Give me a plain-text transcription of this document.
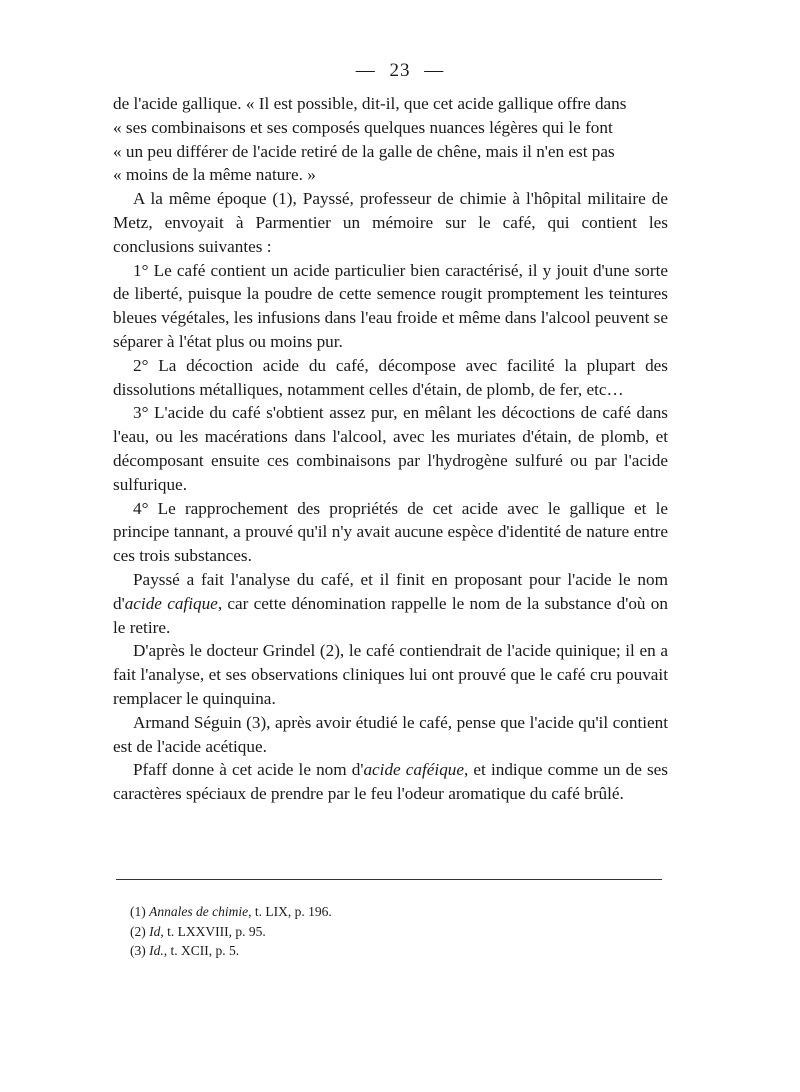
— 23 —

de l'acide gallique. « Il est possible, dit-il, que cet acide gallique offre dans

« ses combinaisons et ses composés quelques nuances légères qui le font

« un peu différer de l'acide retiré de la galle de chêne, mais il n'en est pas

« moins de la même nature. »

A la même époque (1), Payssé, professeur de chimie à l'hôpital militaire de Metz, envoyait à Parmentier un mémoire sur le café, qui contient les conclusions suivantes :

1° Le café contient un acide particulier bien caractérisé, il y jouit d'une sorte de liberté, puisque la poudre de cette semence rougit promptement les teintures bleues végétales, les infusions dans l'eau froide et même dans l'alcool peuvent se séparer à l'état plus ou moins pur.

2° La décoction acide du café, décompose avec facilité la plupart des dissolutions métalliques, notamment celles d'étain, de plomb, de fer, etc…

3° L'acide du café s'obtient assez pur, en mêlant les décoctions de café dans l'eau, ou les macérations dans l'alcool, avec les muriates d'étain, de plomb, et décomposant ensuite ces combinaisons par l'hydrogène sulfuré ou par l'acide sulfurique.

4° Le rapprochement des propriétés de cet acide avec le gallique et le principe tannant, a prouvé qu'il n'y avait aucune espèce d'identité de nature entre ces trois substances.

Payssé a fait l'analyse du café, et il finit en proposant pour l'acide le nom d'acide cafique, car cette dénomination rappelle le nom de la substance d'où on le retire.

D'après le docteur Grindel (2), le café contiendrait de l'acide quinique; il en a fait l'analyse, et ses observations cliniques lui ont prouvé que le café cru pouvait remplacer le quinquina.

Armand Séguin (3), après avoir étudié le café, pense que l'acide qu'il contient est de l'acide acétique.

Pfaff donne à cet acide le nom d'acide caféique, et indique comme un de ses caractères spéciaux de prendre par le feu l'odeur aromatique du café brûlé.

(1) Annales de chimie, t. LIX, p. 196.
(2) Id, t. LXXVIII, p. 95.
(3) Id., t. XCII, p. 5.
